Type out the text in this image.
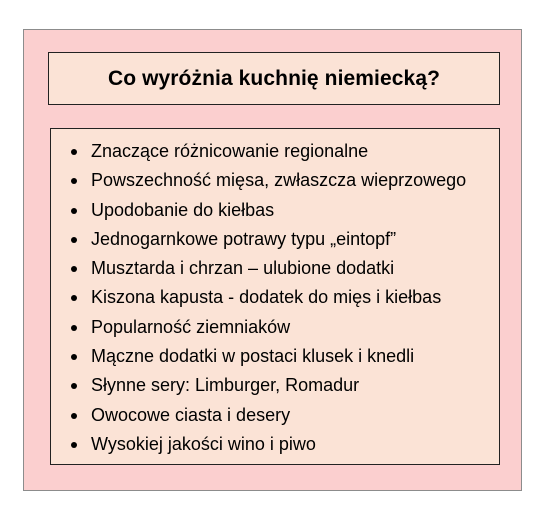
Co wyróżnia kuchnię niemiecką?
Znaczące różnicowanie regionalne
Powszechność mięsa, zwłaszcza wieprzowego
Upodobanie do kiełbas
Jednogarnkowe potrawy typu „eintopf”
Musztarda i chrzan – ulubione dodatki
Kiszona kapusta - dodatek do mięs i kiełbas
Popularność ziemniaków
Mączne dodatki w postaci klusek i knedli
Słynne sery: Limburger, Romadur
Owocowe ciasta i desery
Wysokiej jakości wino i piwo
